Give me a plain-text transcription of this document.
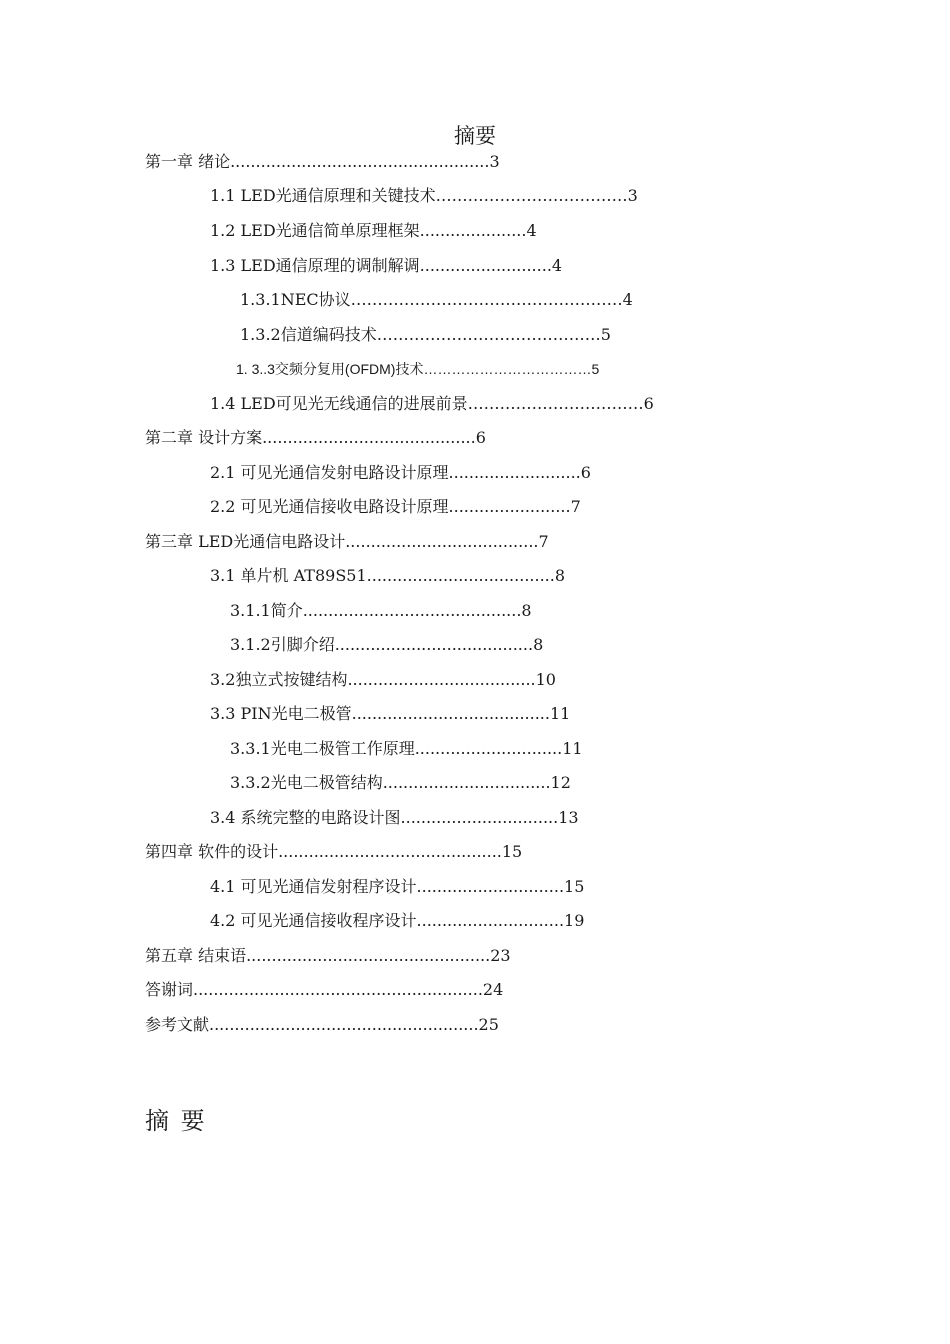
摘要
第一章 绪论...................................................3
1.1 LED光通信原理和关键技术………………………………3
1.2 LED光通信简单原理框架.....................4
1.3 LED通信原理的调制解调..........................4
1.3.1NEC协议……………………………………………4
1.3.2信道编码技术……………………………………5
1. 3..3交频分复用(OFDM)技术………………………………5
1.4 LED可见光无线通信的进展前景……………………………6
第二章 设计方案..........................................6
2.1 可见光通信发射电路设计原理..........................6
2.2 可见光通信接收电路设计原理........................7
第三章 LED光通信电路设计......................................7
3.1 单片机 AT89S51.....................................8
3.1.1简介...........................................8
3.1.2引脚介绍.......................................8
3.2独立式按键结构.....................................10
3.3 PIN光电二极管.......................................11
3.3.1光电二极管工作原理.............................11
3.3.2光电二极管结构.................................12
3.4 系统完整的电路设计图...............................13
第四章 软件的设计............................................15
4.1 可见光通信发射程序设计.............................15
4.2 可见光通信接收程序设计.............................19
第五章 结束语................................................23
答谢词.........................................................24
参考文献.....................................................25
摘 要
